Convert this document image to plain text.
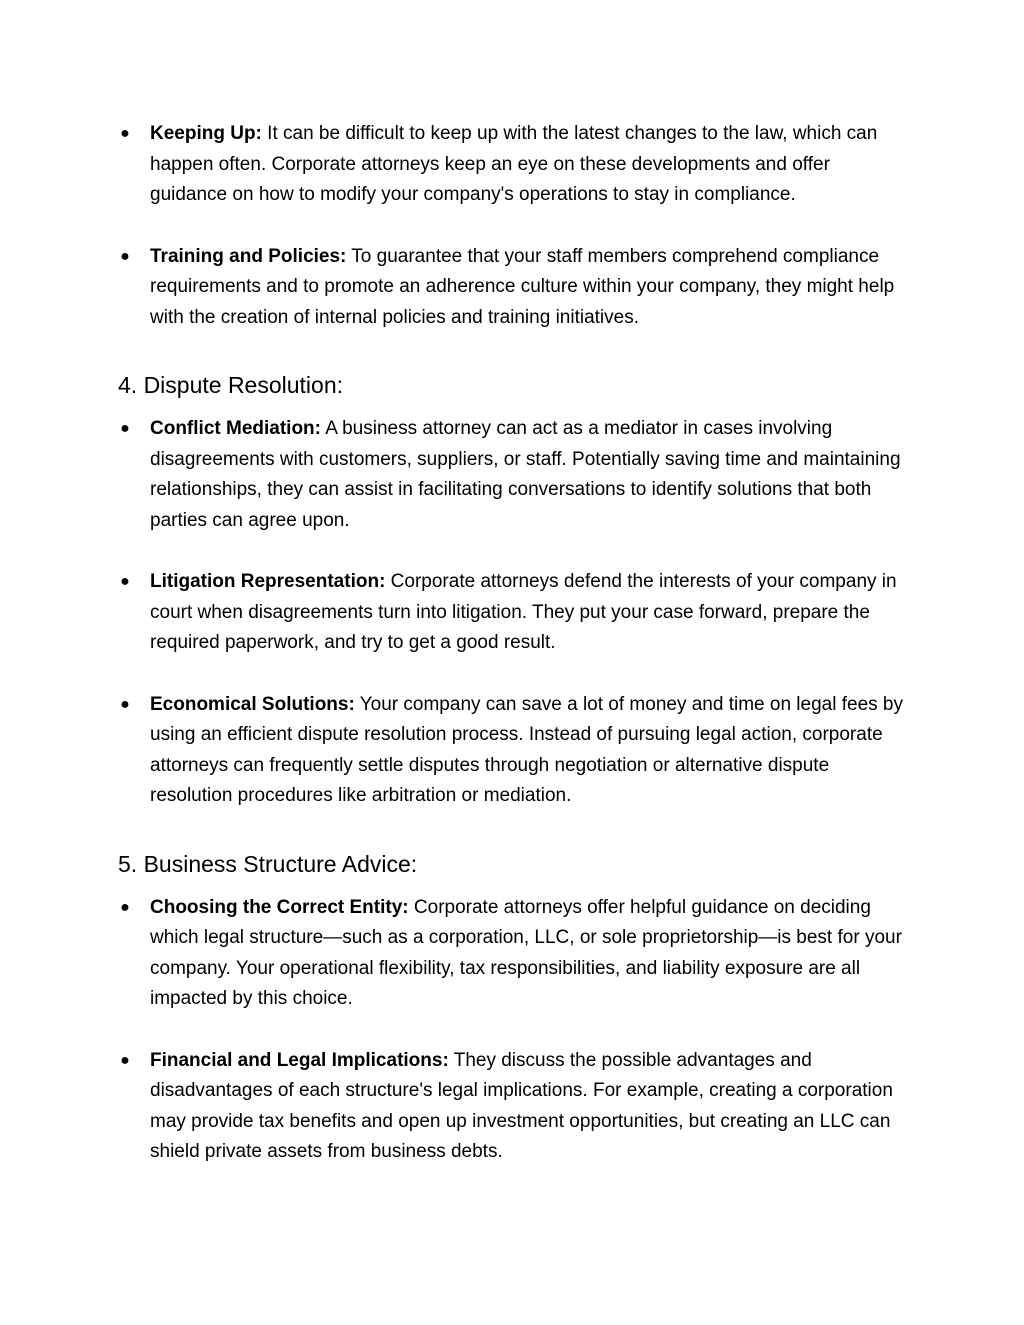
● Keeping Up: It can be difficult to keep up with the latest changes to the law, which can happen often. Corporate attorneys keep an eye on these developments and offer guidance on how to modify your company's operations to stay in compliance.

● Training and Policies: To guarantee that your staff members comprehend compliance requirements and to promote an adherence culture within your company, they might help with the creation of internal policies and training initiatives.

4. Dispute Resolution:

● Conflict Mediation: A business attorney can act as a mediator in cases involving disagreements with customers, suppliers, or staff. Potentially saving time and maintaining relationships, they can assist in facilitating conversations to identify solutions that both parties can agree upon.

● Litigation Representation: Corporate attorneys defend the interests of your company in court when disagreements turn into litigation. They put your case forward, prepare the required paperwork, and try to get a good result.

● Economical Solutions: Your company can save a lot of money and time on legal fees by using an efficient dispute resolution process. Instead of pursuing legal action, corporate attorneys can frequently settle disputes through negotiation or alternative dispute resolution procedures like arbitration or mediation.

5. Business Structure Advice:

● Choosing the Correct Entity: Corporate attorneys offer helpful guidance on deciding which legal structure—such as a corporation, LLC, or sole proprietorship—is best for your company. Your operational flexibility, tax responsibilities, and liability exposure are all impacted by this choice.

● Financial and Legal Implications: They discuss the possible advantages and disadvantages of each structure's legal implications. For example, creating a corporation may provide tax benefits and open up investment opportunities, but creating an LLC can shield private assets from business debts.
